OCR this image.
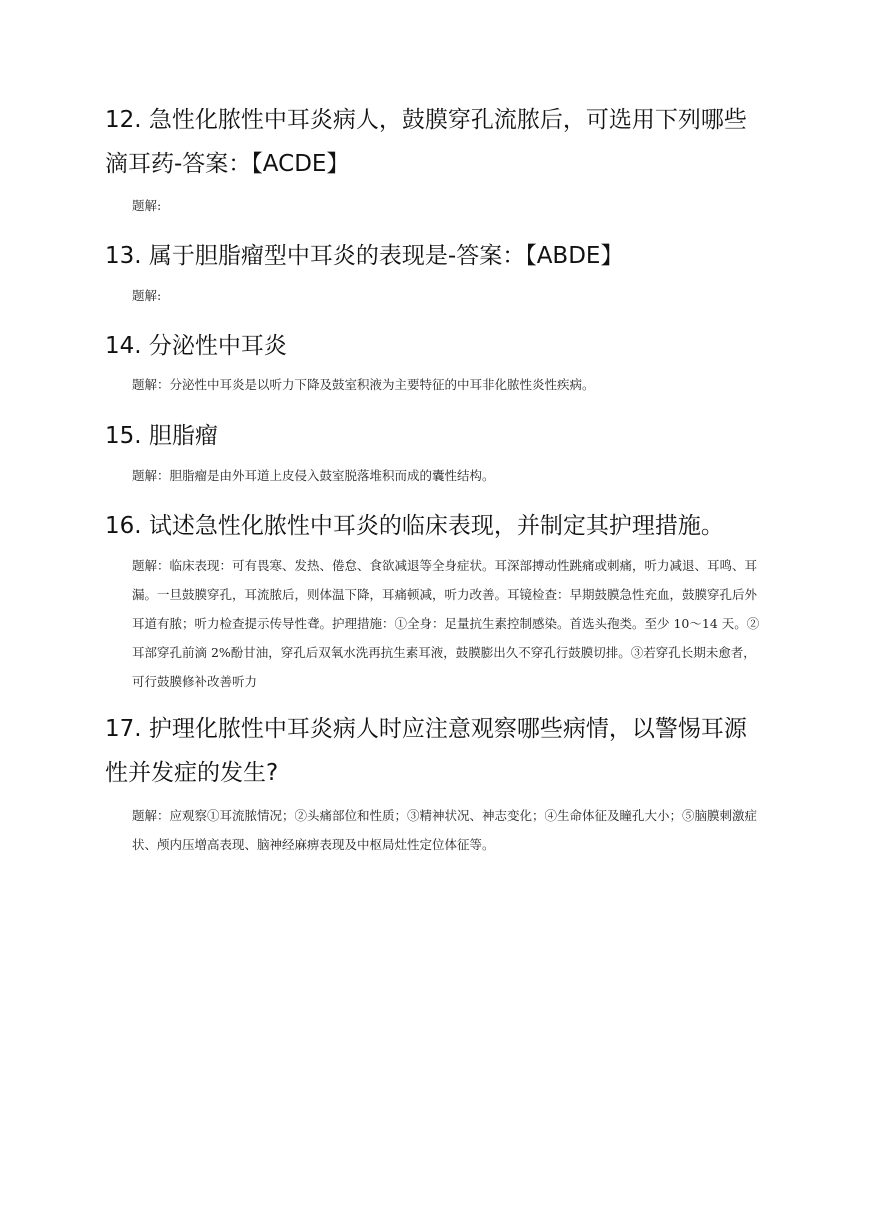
12. 急性化脓性中耳炎病人，鼓膜穿孔流脓后，可选用下列哪些滴耳药-答案：【ACDE】

题解:

13. 属于胆脂瘤型中耳炎的表现是-答案：【ABDE】

题解:

14. 分泌性中耳炎

题解：分泌性中耳炎是以听力下降及鼓室积液为主要特征的中耳非化脓性炎性疾病。

15. 胆脂瘤

题解：胆脂瘤是由外耳道上皮侵入鼓室脱落堆积而成的囊性结构。

16. 试述急性化脓性中耳炎的临床表现，并制定其护理措施。

题解：临床表现：可有畏寒、发热、倦怠、食欲减退等全身症状。耳深部搏动性跳痛或刺痛，听力减退、耳鸣、耳漏。一旦鼓膜穿孔，耳流脓后，则体温下降，耳痛顿减，听力改善。耳镜检查：早期鼓膜急性充血，鼓膜穿孔后外耳道有脓；听力检查提示传导性聋。护理措施：①全身：足量抗生素控制感染。首选头孢类。至少 10～14 天。②耳部穿孔前滴 2%酚甘油，穿孔后双氧水洗再抗生素耳液，鼓膜膨出久不穿孔行鼓膜切排。③若穿孔长期未愈者，可行鼓膜修补改善听力

17. 护理化脓性中耳炎病人时应注意观察哪些病情，以警惕耳源性并发症的发生?

题解：应观察①耳流脓情况；②头痛部位和性质；③精神状况、神志变化；④生命体征及瞳孔大小；⑤脑膜刺激症状、颅内压增高表现、脑神经麻痹表现及中枢局灶性定位体征等。
